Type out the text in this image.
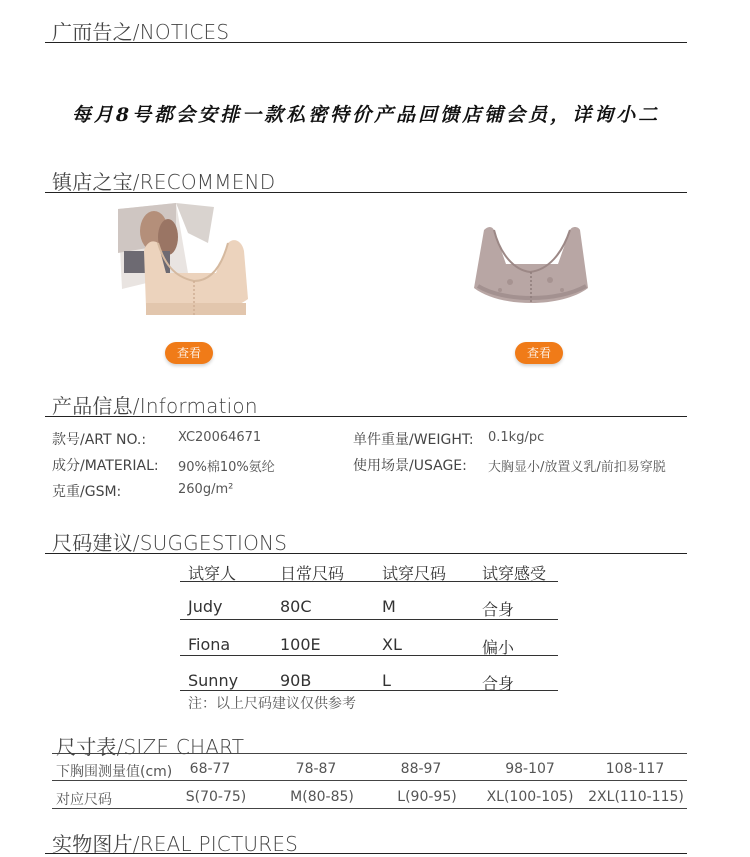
广而告之/NOTICES
每月8号都会安排一款私密特价产品回馈店铺会员，详询小二
镇店之宝/RECOMMEND
查看	查看
产品信息/Information
款号/ART NO.: XC20064671
成分/MATERIAL: 90%棉10%氨纶
克重/GSM:	260g/m²
单件重量/WEIGHT: 0.1kg/pc
使用场景/USAGE: 大胸显小/放置义乳/前扣易穿脱
尺码建议/SUGGESTIONS
试穿人	日常尺码 试穿尺码 试穿感受
Judy	80C	M	合身
Fiona	100E	XL	偏小
Sunny	90B	L	合身
注：以上尺码建议仅供参考
尺寸表/SIZE CHART
下胸围测量值(cm)	68-77	78-87	88-97	98-107	108-117
对应尺码	S(70-75)	M(80-85)	L(90-95)	XL(100-105) 2XL(110-115)
实物图片/REAL PICTURES
